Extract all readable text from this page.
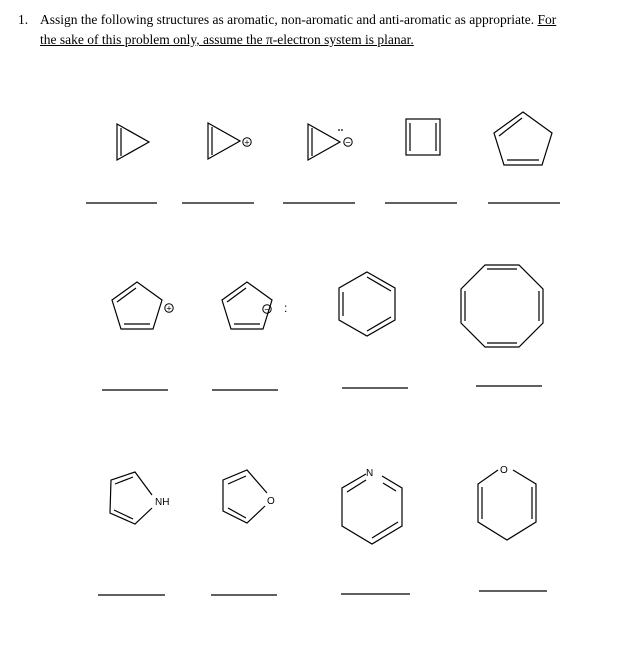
1. Assign the following structures as aromatic, non-aromatic and anti-aromatic as appropriate. For
the sake of this problem only, assume the π-electron system is planar.
+	−
+	− :
NH	O
N	O
